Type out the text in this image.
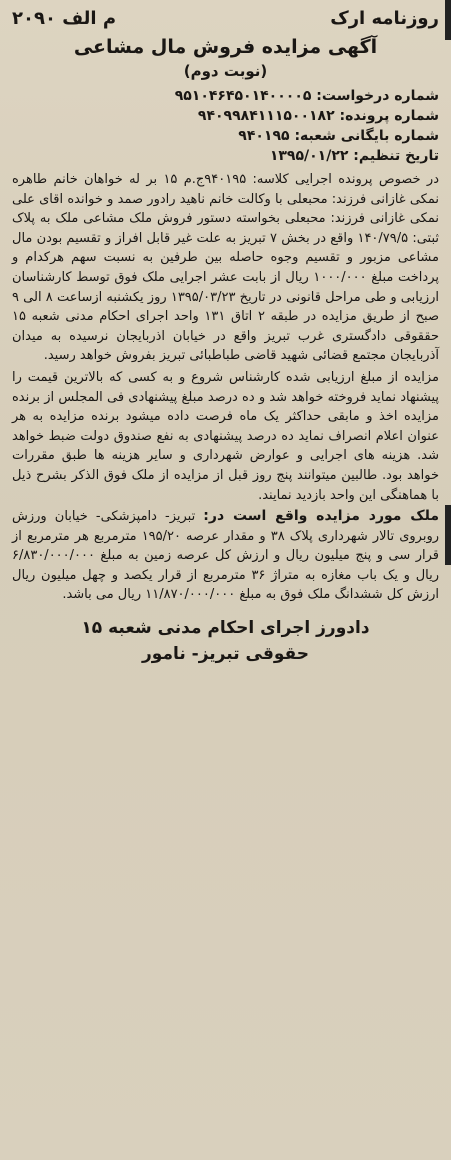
روزنامه ارک
م الف ۲۰۹۰
آگهی مزایده فروش مال مشاعی
(نوبت دوم)
شماره درخواست: ۹۵۱۰۴۶۴۵۰۱۴۰۰۰۰۵
شماره پرونده: ۹۴۰۹۹۸۴۱۱۱۵۰۰۱۸۲
شماره بایگانی شعبه: ۹۴۰۱۹۵
تاریخ تنظیم: ۱۳۹۵/۰۱/۲۲
در خصوص پرونده اجرایی کلاسه: ۹۴۰۱۹۵ج.م ۱۵ بر له خواهان خانم طاهره نمکی غازانی فرزند: محبعلی با وکالت خانم ناهید رادور صمد و خوانده اقای علی نمکی غازانی فرزند: محبعلی بخواسته دستور فروش ملک مشاعی ملک به پلاک ثبتی: ۱۴۰/۷۹/۵ واقع در بخش ۷ تبریز به علت غیر قابل افراز و تقسیم بودن مال مشاعی مزبور و تقسیم وجوه حاصله بین طرفین به نسبت سهم هرکدام و پرداخت مبلغ ۱۰۰۰/۰۰۰ ریال از بابت عشر اجرایی ملک فوق توسط کارشناسان ارزیابی و طی مراحل قانونی در تاریخ ۱۳۹۵/۰۳/۲۳ روز یکشنبه ازساعت ۸ الی ۹ صبح از طریق مزایده در طبقه ۲ اتاق ۱۳۱ واحد اجرای احکام مدنی شعبه ۱۵ حققوقی دادگستری غرب تبریز واقع در خیابان اذربایجان نرسیده به میدان آذربایجان مجتمع قضائی شهید قاضی طباطبائی تبریز بفروش خواهد رسید.
مزایده از مبلغ ارزیابی شده کارشناس شروع و به کسی که بالاترین قیمت را پیشنهاد نماید فروخته خواهد شد و ده درصد مبلغ پیشنهادی فی المجلس از برنده مزایده اخذ و مابقی حداکثر یک ماه فرصت داده میشود برنده مزایده به هر عنوان اعلام انصراف نماید ده درصد پیشنهادی به نفع صندوق دولت ضبط خواهد شد. هزینه های اجرایی و عوارض شهرداری و سایر هزینه ها طبق مقررات خواهد بود. طالبین میتوانند پنج روز قبل از مزایده از ملک فوق الذکر بشرح ذیل با هماهنگی این واحد بازدید نمایند.
ملک مورد مزایده واقع است در: تبریز- دامپزشکی- خیابان ورزش روبروی تالار شهرداری پلاک ۳۸ و مقدار عرصه ۱۹۵/۲۰ مترمربع هر مترمربع از قرار سی و پنج میلیون ریال و ارزش کل عرصه زمین به مبلغ ۶/۸۳۰/۰۰۰/۰۰۰ ریال و یک باب مغازه به متراژ ۳۶ مترمربع از قرار یکصد و چهل میلیون ریال ارزش کل ششدانگ ملک فوق به مبلغ ۱۱/۸۷۰/۰۰۰/۰۰۰ ریال می باشد.
دادورز اجرای احکام مدنی شعبه ۱۵
حقوقی تبریز- نامور
